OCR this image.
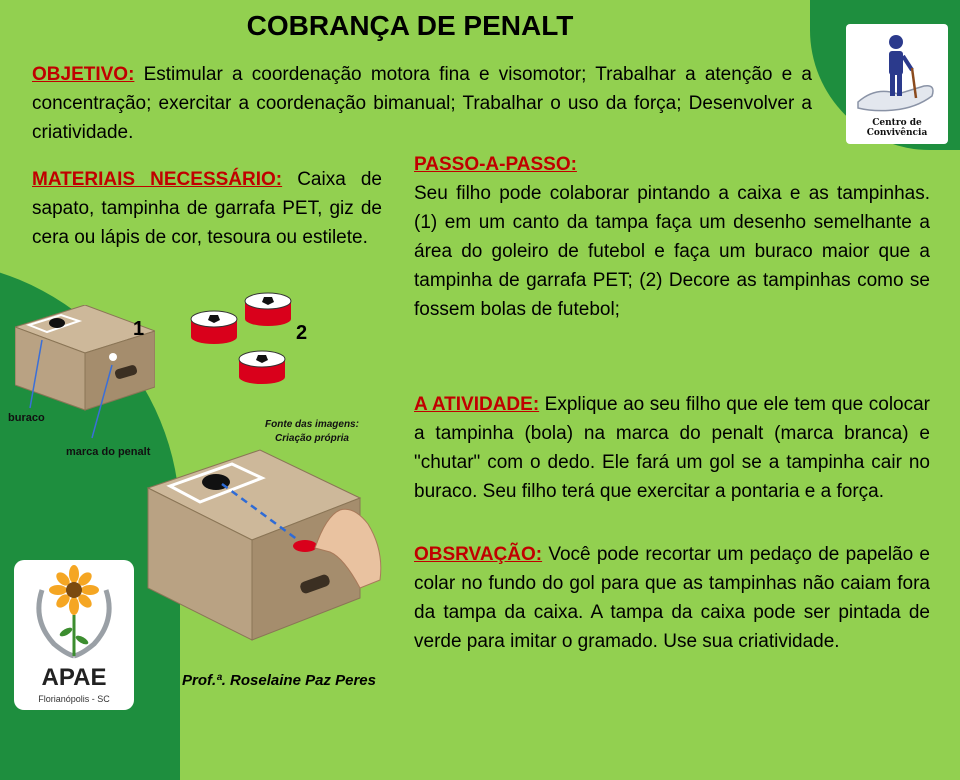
COBRANÇA DE PENALT
OBJETIVO: Estimular a coordenação motora fina e visomotor; Trabalhar a atenção e a concentração; exercitar a coordenação bimanual; Trabalhar o uso da força; Desenvolver a criatividade.
MATERIAIS NECESSÁRIO: Caixa de sapato, tampinha de garrafa PET, giz de cera ou lápis de cor, tesoura ou estilete.
PASSO-A-PASSO:
Seu filho pode colaborar pintando a caixa e as tampinhas. (1) em um canto da tampa faça um desenho semelhante a área do goleiro de futebol e faça um buraco maior que a tampinha de garrafa PET; (2) Decore as tampinhas como se fossem bolas de futebol;
A ATIVIDADE: Explique ao seu filho que ele tem que colocar a tampinha (bola) na marca do penalt (marca branca) e "chutar" com o dedo. Ele fará um gol se a tampinha cair no buraco. Seu filho terá que exercitar a pontaria e a força.
OBSRVAÇÃO: Você pode recortar um pedaço de papelão e colar no fundo do gol para que as tampinhas não caiam fora da tampa da caixa. A tampa da caixa pode ser pintada de verde para imitar o gramado. Use sua criatividade.
Centro de Convivência
APAE
Florianópolis - SC
1	2
buraco
marca do penalt
Fonte das imagens: Criação própria
Prof.ª. Roselaine Paz Peres
